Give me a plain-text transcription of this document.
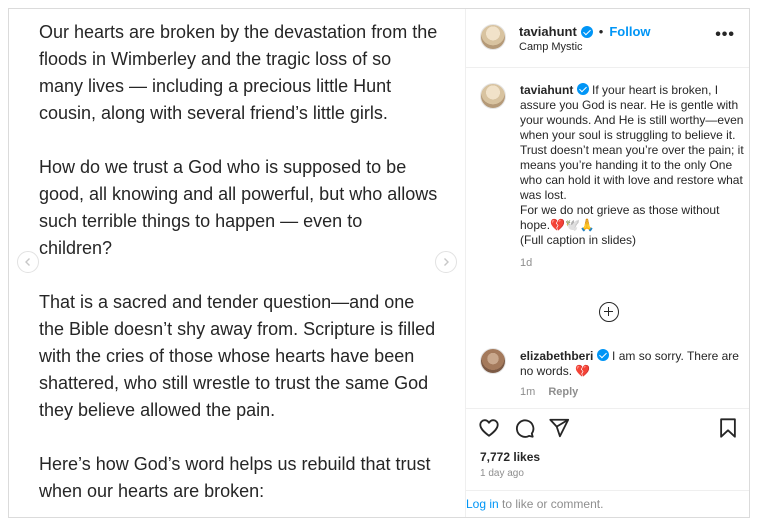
Our hearts are broken by the devastation from the floods in Wimberley and the tragic loss of so many lives — including a precious little Hunt cousin, along with several friend’s little girls.

How do we trust a God who is supposed to be good, all knowing and all powerful, but who allows such terrible things to happen — even to children?

That is a sacred and tender question—and one the Bible doesn’t shy away from. Scripture is filled with the cries of those whose hearts have been shattered, who still wrestle to trust the same God they believe allowed the pain.

Here’s how God’s word helps us rebuild that trust when our hearts are broken:

taviahunt • Follow
Camp Mystic
•••
taviahunt If your heart is broken, I assure you God is near. He is gentle with your wounds. And He is still worthy—even when your soul is struggling to believe it. Trust doesn’t mean you’re over the pain; it means you’re handing it to the only One who can hold it with love and restore what was lost.
For we do not grieve as those without hope.💔🕊️🙏
(Full caption in slides)
1d
elizabethberi I am so sorry. There are no words. 💔
1m Reply
7,772 likes
1 day ago
Log in to like or comment.
